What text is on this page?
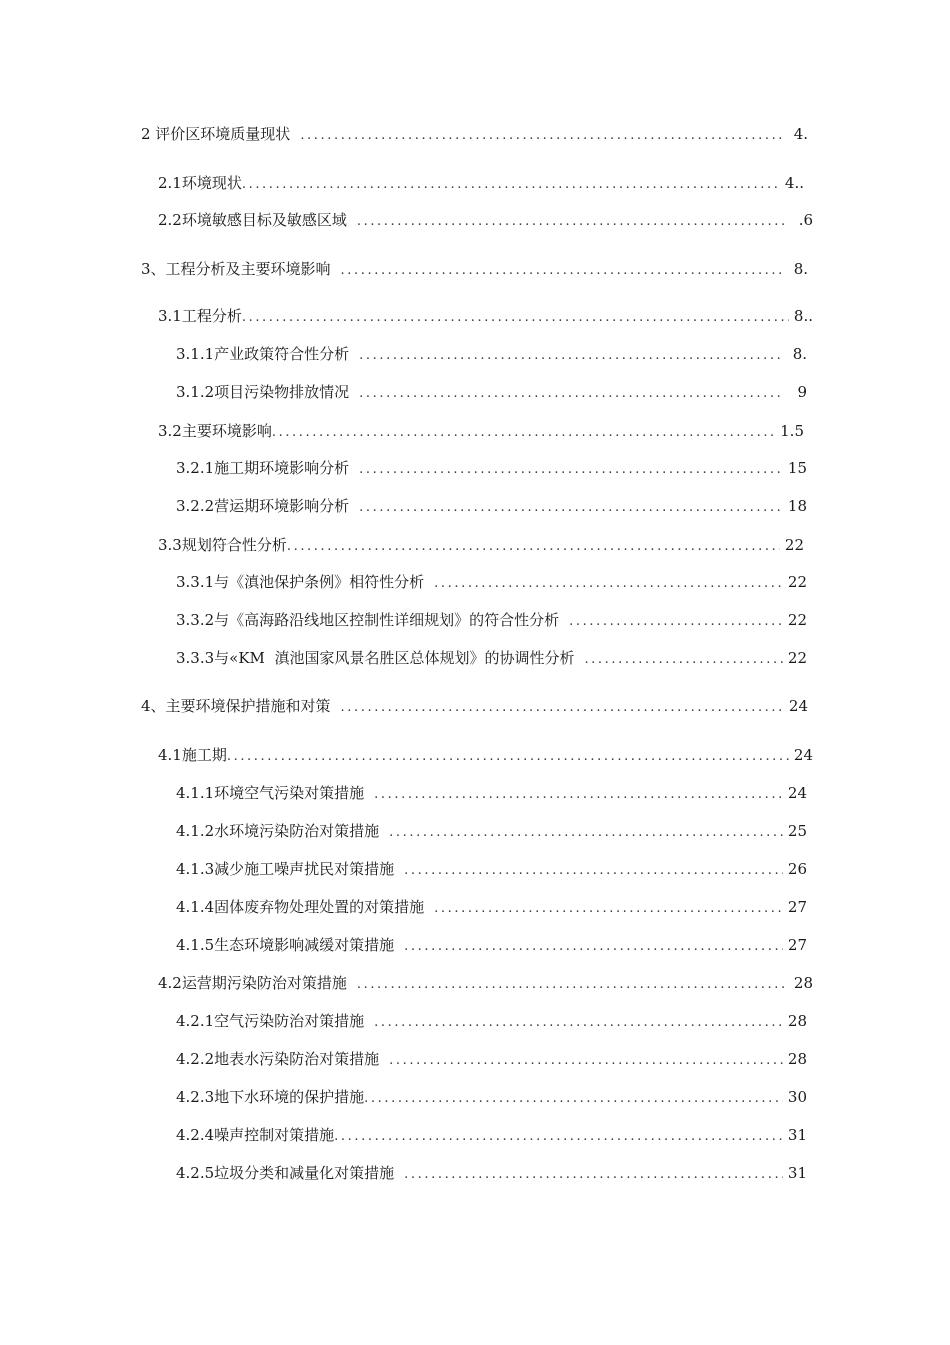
2 评价区环境质量现状 .....	4.
2.1环境现状 .....	4..
2.2环境敏感目标及敏感区域 .....	.6
3、工程分析及主要环境影响 .....	8.
3.1工程分析 .....	8..
3.1.1产业政策符合性分析 .....	8.
3.1.2项目污染物排放情况 .....	9
3.2主要环境影响 .....	1.5
3.2.1施工期环境影响分析 .....	15
3.2.2营运期环境影响分析 .....	18
3.3规划符合性分析 .....	22
3.3.1与《滇池保护条例》相符性分析 .....	22
3.3.2与《高海路沿线地区控制性详细规划》的符合性分析 .....	22
3.3.3与«KM  滇池国家风景名胜区总体规划》的协调性分析 .....	22
4、主要环境保护措施和对策 .....	24
4.1施工期 .....	24
4.1.1环境空气污染对策措施 .....	24
4.1.2水环境污染防治对策措施 .....	25
4.1.3减少施工噪声扰民对策措施 .....	26
4.1.4固体废弃物处理处置的对策措施 .....	27
4.1.5生态环境影响减缓对策措施 .....	27
4.2运营期污染防治对策措施 .....	28
4.2.1空气污染防治对策措施 .....	28
4.2.2地表水污染防治对策措施 .....	28
4.2.3地下水环境的保护措施 .....	30
4.2.4噪声控制对策措施 .....	31
4.2.5垃圾分类和减量化对策措施 .....	31
